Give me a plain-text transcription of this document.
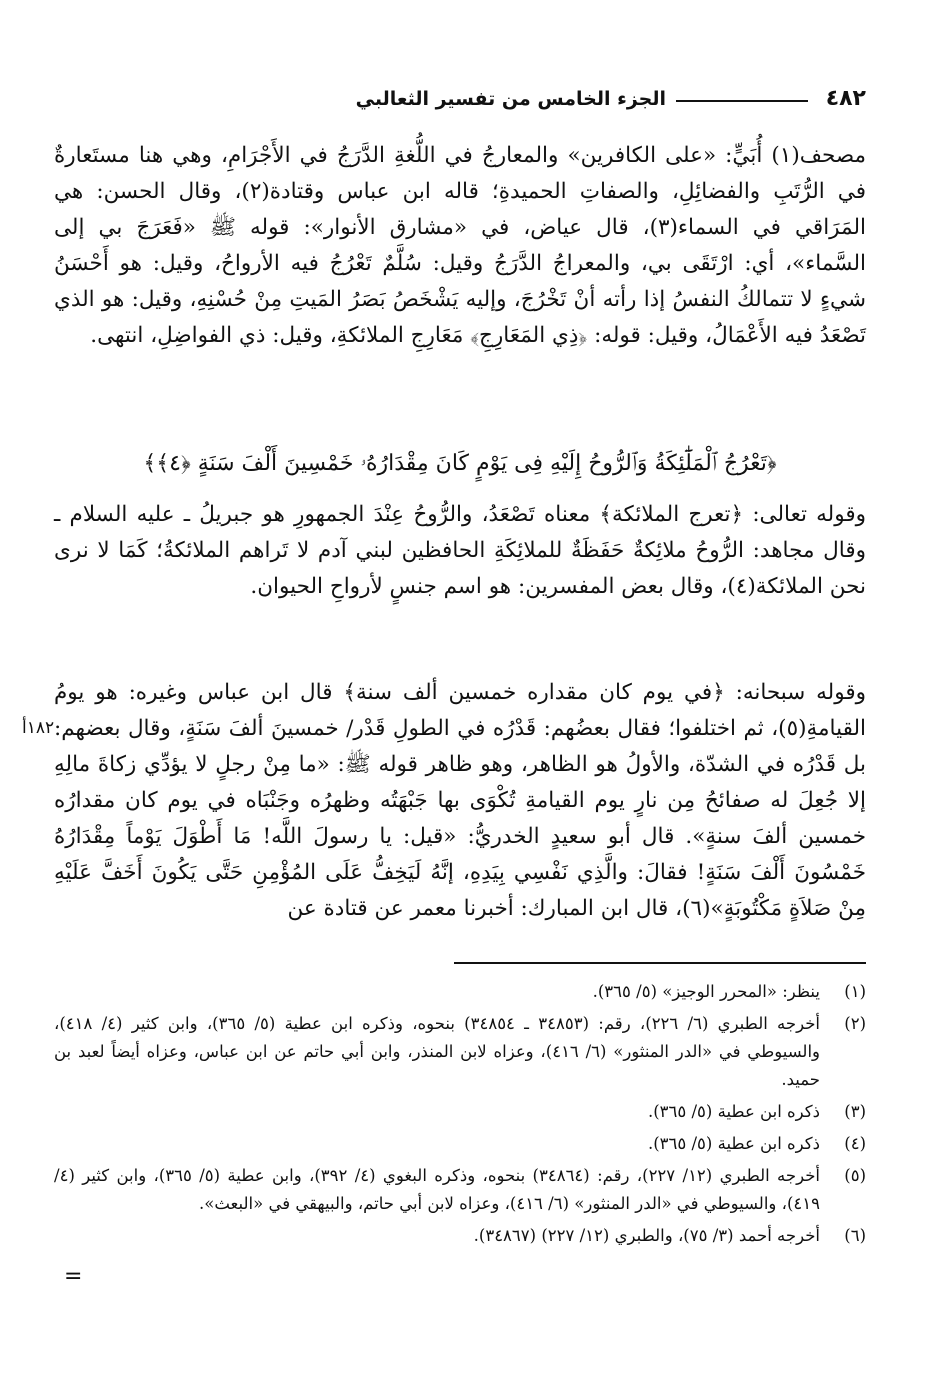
٤٨٢
الجزء الخامس من تفسير الثعالبي

مصحف(١) أُبَيٍّ: «على الكافرين» والمعارجُ في اللُّغةِ الدَّرَجُ في الأَجْرَامِ، وهي هنا مستَعارةٌ في الرُّتَبِ والفضائِلِ، والصفاتِ الحميدةِ؛ قاله ابن عباس وقتادة(٢)، وقال الحسن: هي المَرَاقي في السماء(٣)، قال عياض، في «مشارق الأنوار»: قوله ﷺ «فَعَرَجَ بي إلى السَّماء»، أي: ارْتَقَى بي، والمعراجُ الدَّرَجُ وقيل: سُلَّمٌ تَعْرُجُ فيه الأرواحُ، وقيل: هو أَحْسَنُ شيءٍ لا تتمالكُ النفسُ إذا رأته أنْ تَخْرُجَ، وإليه يَشْخَصُ بَصَرُ المَيتِ مِنْ حُسْنِهِ، وقيل: هو الذي تَصْعَدُ فيه الأَعْمَالُ، وقيل: قوله: ﴿ذِي المَعَارِجِ﴾ مَعَارِجِ الملائكةِ، وقيل: ذي الفواضِلِ، انتهى.

﴿تَعْرُجُ ٱلْمَلَٰٓئِكَةُ وَٱلرُّوحُ إِلَيْهِ فِى يَوْمٍ كَانَ مِقْدَارُهُۥ خَمْسِينَ أَلْفَ سَنَةٍ ﴿٤﴾﴾

وقوله تعالى: ﴿تعرج الملائكة﴾ معناه تَصْعَدُ، والرُّوحُ عِنْدَ الجمهورِ هو جبريلُ ـ عليه السلام ـ وقال مجاهد: الرُّوحُ ملائِكةٌ حَفَظَةٌ للملائِكَةِ الحافظين لبني آدم لا تَراهم الملائكةُ؛ كَمَا لا نرى نحن الملائكة(٤)، وقال بعض المفسرين: هو اسم جنسٍ لأرواحِ الحيوان.

وقوله سبحانه: ﴿في يوم كان مقداره خمسين ألف سنة﴾ قال ابن عباس وغيره: هو يومُ القيامةِ(٥)، ثم اختلفوا؛ فقال بعضُهم: قَدْرُه في الطولِ قَدْر/ خمسينَ ألفَ سَنَةٍ، وقال بعضهم: بل قَدْرُه في الشدّة، والأولُ هو الظاهر، وهو ظاهر قوله ﷺ: «ما مِنْ رجلٍ لا يؤدِّي زكاةَ مالِهِ إلا جُعِلَ له صفائحُ مِن نارٍ يوم القيامةِ تُكْوَى بها جَبْهَتُه وظهرُه وجَنْبَاه في يوم كان مقدارُه خمسين ألفَ سنةٍ». قال أبو سعيدٍ الخدريُّ: «قيل: يا رسولَ اللَّه! مَا أَطْوَلَ يَوْماً مِقْدَارُهُ خَمْسُونَ أَلْفَ سَنَةٍ! فقالَ: والَّذِي نَفْسِي بِيَدِهِ، إنَّهُ لَيَخِفُّ عَلَى المُؤْمِنِ حَتَّى يَكُونَ أَخَفَّ عَلَيْهِ مِنْ صَلاَةٍ مَكْتُوبَةٍ»(٦)، قال ابن المبارك: أخبرنا معمر عن قتادة عن

١٨٢أ
(١)
ينظر: «المحرر الوجيز» (٥/ ٣٦٥).
(٢)
أخرجه الطبري (٦/ ٢٢٦)، رقم: (٣٤٨٥٣ ـ ٣٤٨٥٤) بنحوه، وذكره ابن عطية (٥/ ٣٦٥)، وابن كثير (٤/ ٤١٨)، والسيوطي في «الدر المنثور» (٦/ ٤١٦)، وعزاه لابن المنذر، وابن أبي حاتم عن ابن عباس، وعزاه أيضاً لعبد بن حميد.
(٣)
ذكره ابن عطية (٥/ ٣٦٥).
(٤)
ذكره ابن عطية (٥/ ٣٦٥).
(٥)
أخرجه الطبري (١٢/ ٢٢٧)، رقم: (٣٤٨٦٤) بنحوه، وذكره البغوي (٤/ ٣٩٢)، وابن عطية (٥/ ٣٦٥)، وابن كثير (٤/ ٤١٩)، والسيوطي في «الدر المنثور» (٦/ ٤١٦)، وعزاه لابن أبي حاتم، والبيهقي في «البعث».
(٦)
أخرجه أحمد (٣/ ٧٥)، والطبري (١٢/ ٢٢٧) (٣٤٨٦٧).
=
